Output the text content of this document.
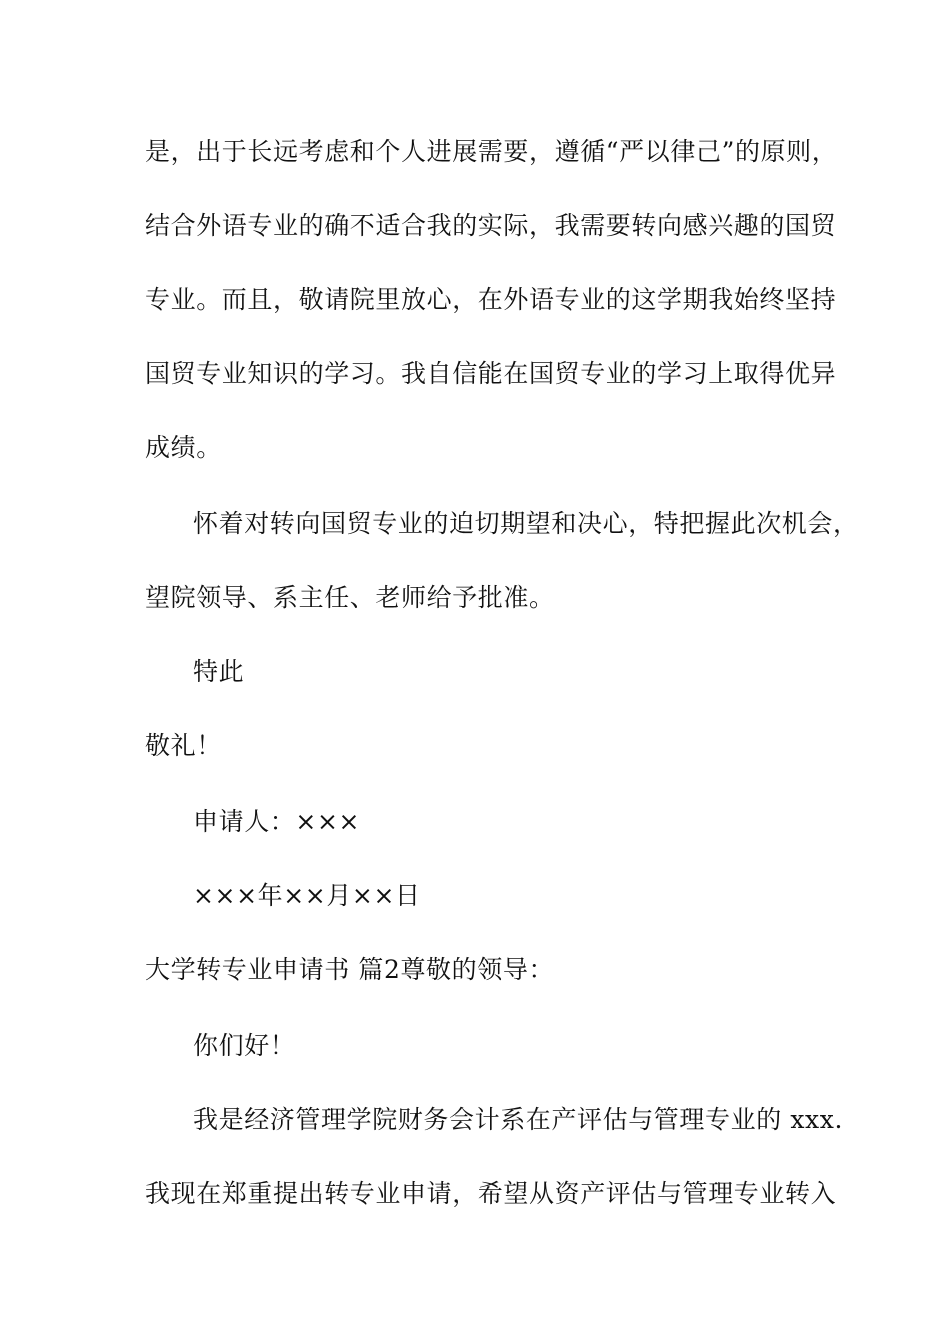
是，出于长远考虑和个人进展需要，遵循“严以律己”的原则，
结合外语专业的确不适合我的实际，我需要转向感兴趣的国贸
专业。而且，敬请院里放心，在外语专业的这学期我始终坚持
国贸专业知识的学习。我自信能在国贸专业的学习上取得优异
成绩。
怀着对转向国贸专业的迫切期望和决心，特把握此次机会，
望院领导、系主任、老师给予批准。
特此
敬礼！
申请人：×××
×××年××月××日
大学转专业申请书 篇2尊敬的领导：
你们好！
我是经济管理学院财务会计系在产评估与管理专业的 xxx.
我现在郑重提出转专业申请，希望从资产评估与管理专业转入
